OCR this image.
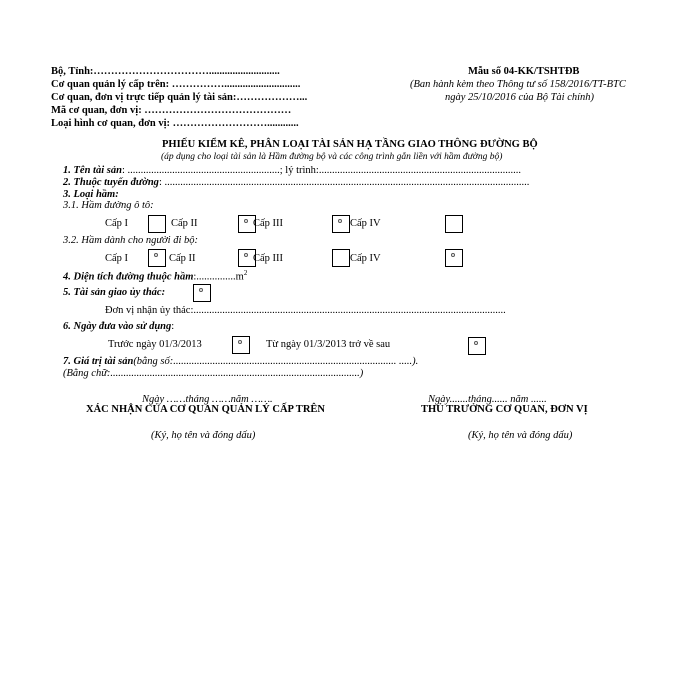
Bộ, Tỉnh:……………………………...........................
Cơ quan quản lý cấp trên: …………….............................
Cơ quan, đơn vị trực tiếp quản lý tài sản:………………...
Mã cơ quan, đơn vị: ……………………………………
Loại hình cơ quan, đơn vị: ………………………............
Mẫu số 04-KK/TSHTĐB
(Ban hành kèm theo Thông tư số 158/2016/TT-BTC
ngày 25/10/2016 của Bộ Tài chính)
PHIẾU KIỂM KÊ, PHÂN LOẠI TÀI SẢN HẠ TẦNG GIAO THÔNG ĐƯỜNG BỘ
(áp dụng cho loại tài sản là Hầm đường bộ và các công trình gắn liền với hầm đường bộ)
1. Tên tài sản: ..........................................................; lý trình:.............................................................................
2. Thuộc tuyến đường: ...........................................................................................................................................
3. Loại hầm:
3.1. Hầm đường ô tô:
Cấp I	Cấp II	Cấp III	Cấp IV
3.2. Hầm dành cho người đi bộ:
Cấp I	Cấp II	Cấp III	Cấp IV
4. Diện tích đường thuộc $hầm:...............m^2$
5. Tài sản giao ủy thác:
Đơn vị nhận ủy thác:.......................................................................................................................
6. Ngày đưa vào sử dụng:
Trước ngày 01/3/2013	Từ ngày 01/3/2013 trở về sau
7. Giá trị tài sản(bằng số:..................................................................................... .....).
(Bằng chữ:...............................................................................................)
Ngày ……tháng ……năm …….
XÁC NHẬN CỦA CƠ QUAN QUẢN LÝ CẤP TRÊN
(Ký, họ tên và đóng dấu)
Ngày.......tháng...... năm ......
THỦ TRƯỞNG CƠ QUAN, ĐƠN VỊ
(Ký, họ tên và đóng dấu)
